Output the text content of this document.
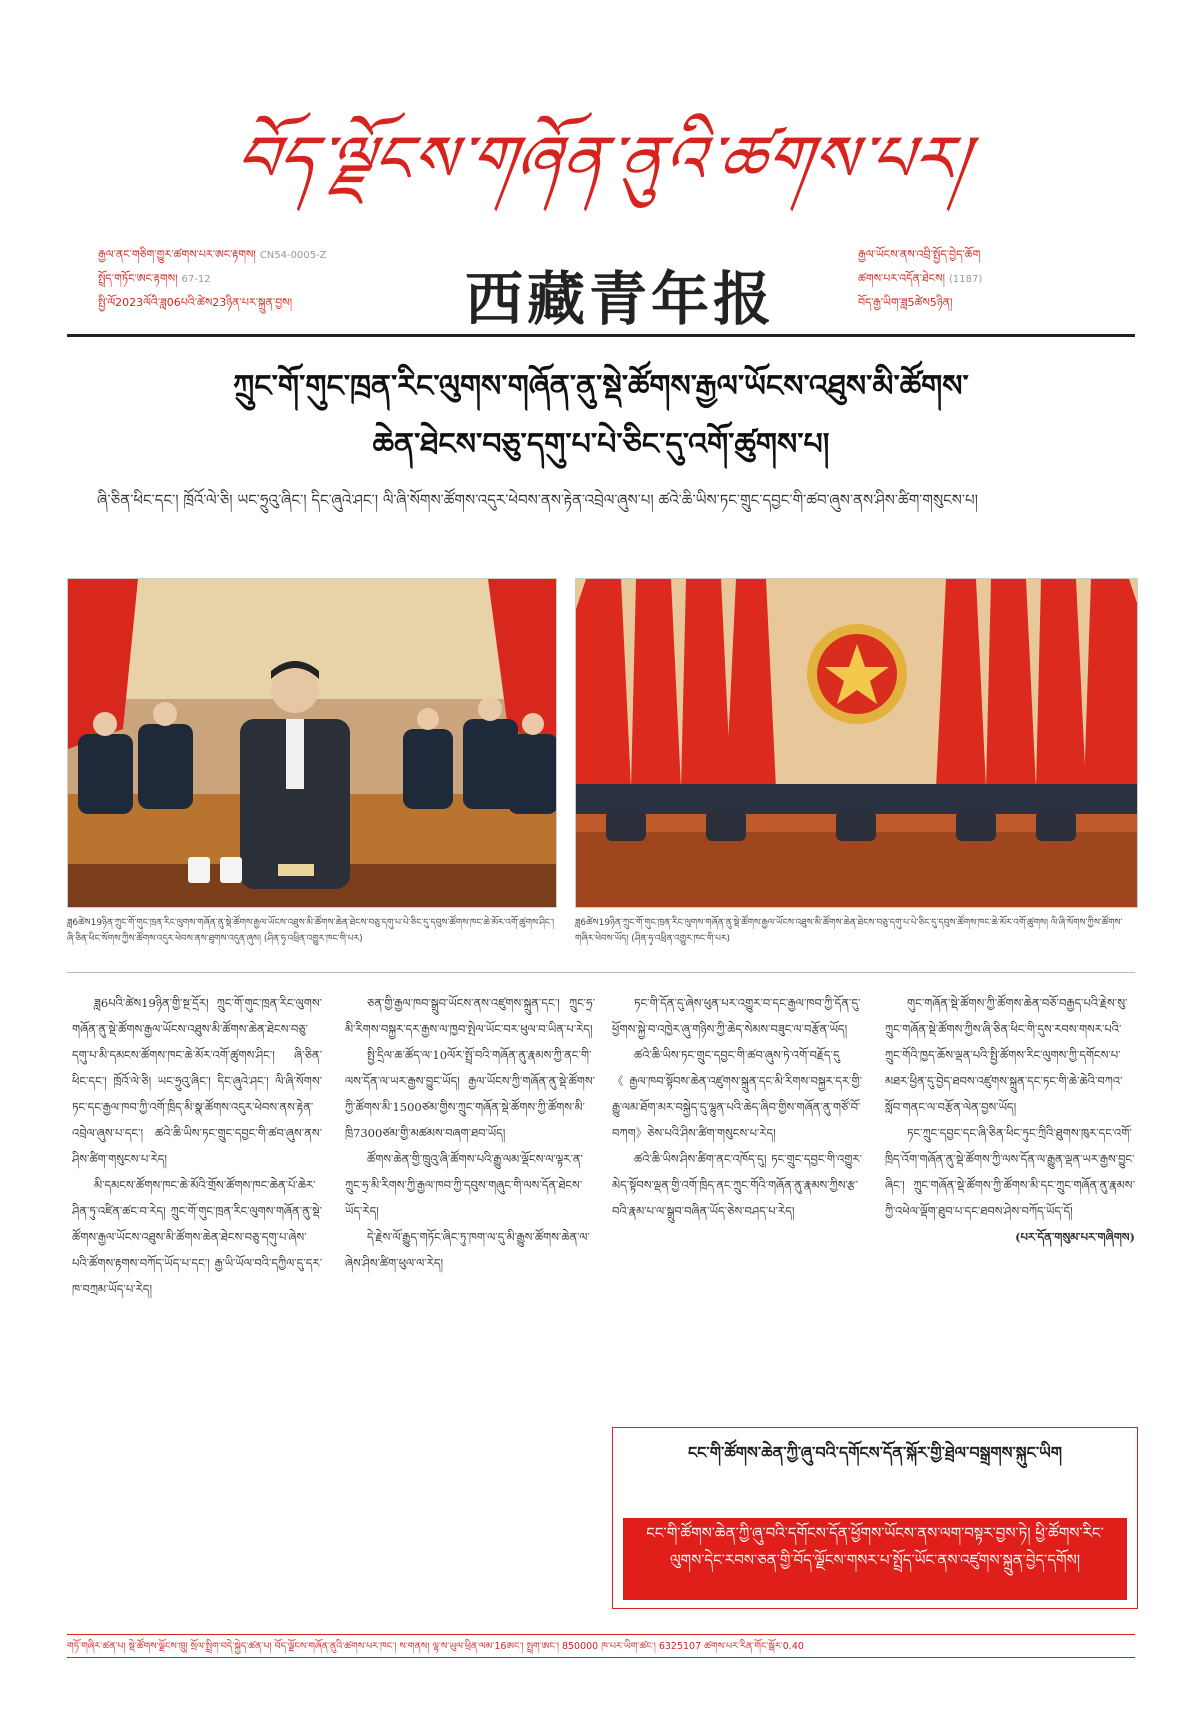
བོད་ལྗོངས་གཞོན་ནུའི་ཚགས་པར།
རྒྱལ་ནང་གཅིག་གྱུར་ཚགས་པར་ཨང་རྟགས། CN54-0005-Z
སྤྲོད་གཏོང་ཨང་རྟགས། 67-12
སྤྱི་ལོ2023ལོའི་ཟླ06པའི་ཚེས23ཉིན་པར་སྐྲུན་བྱས།	西藏青年报
རྒྱལ་ཡོངས་ནས་འབྲི་སྤྱོད་བྱེད་ཆོག
ཚགས་པར་འདོན་ཐེངས། (1187)
བོད་རྒྱ་ཡིག་ཟླ5ཚེས5ཉིན།
ཀྲུང་གོ་གུང་ཁྲན་རིང་ལུགས་གཞོན་ནུ་སྡེ་ཚོགས་རྒྱལ་ཡོངས་འཐུས་མི་ཚོགས་
ཆེན་ཐེངས་བཅུ་དགུ་པ་པེ་ཅིང་དུ་འགོ་ཚུགས་པ།
ཞི་ཅིན་ཕིང་དང་། ཁྲོའོ་ལེ་ཅི། ཡང་ཧྲུའུ་ཞིང་། དིང་ཞུའེ་ཤང་། ལི་ཞི་སོགས་ཚོགས་འདུར་ཕེབས་ནས་རྟེན་འབྲེལ་ཞུས་པ། ཚའེ་ཆི་ཡིས་ཏང་གྲུང་དབྱང་གི་ཚབ་ཞུས་ནས་ཤིས་ཚིག་གསུངས་པ།
ཟླ6ཚེས19ཉིན་ཀྲུང་གོ་གུང་ཁྲན་རིང་ལུགས་གཞོན་ནུ་སྡེ་ཚོགས་རྒྱལ་ཡོངས་འཐུས་མི་ཚོགས་ཆེན་ཐེངས་བཅུ་དགུ་པ་པེ་ཅིང་དུ་དབུས་ཚོགས་ཁང་ཆེ་མོར་འགོ་ཚུགས་ཤིང་། ཞི་ཅིན་ཕིང་སོགས་ཀྱིས་ཚོགས་འདུར་ཕེབས་ནས་ཐུགས་འདུན་ཞུས། (ཤིན་ཧྭ་འཕྲིན་འགྱུར་ཁང་གི་པར)
ཟླ6ཚེས19ཉིན་ཀྲུང་གོ་གུང་ཁྲན་རིང་ལུགས་གཞོན་ནུ་སྡེ་ཚོགས་རྒྱལ་ཡོངས་འཐུས་མི་ཚོགས་ཆེན་ཐེངས་བཅུ་དགུ་པ་པེ་ཅིང་དུ་དབུས་ཚོགས་ཁང་ཆེ་མོར་འགོ་ཚུགས། ལི་ཞི་སོགས་ཀྱིས་ཚོགས་གཞིར་ཕེབས་ཡོད། (ཤིན་ཧྭ་འཕྲིན་འགྱུར་ཁང་གི་པར)

ཟླ6པའི་ཚེས19ཉིན་གྱི་སྔ་དྲོར། ཀྲུང་གོ་གུང་ཁྲན་རིང་ལུགས་གཞོན་ནུ་སྡེ་ཚོགས་རྒྱལ་ཡོངས་འཐུས་མི་ཚོགས་ཆེན་ཐེངས་བཅུ་དགུ་པ་མི་དམངས་ཚོགས་ཁང་ཆེ་མོར་འགོ་ཚུགས་ཤིང་། ཞི་ཅིན་ཕིང་དང་། ཁྲོའོ་ལེ་ཅི། ཡང་ཧྲུའུ་ཞིང་། དིང་ཞུའེ་ཤང་། ལི་ཞི་སོགས་ཏང་དང་རྒྱལ་ཁབ་ཀྱི་འགོ་ཁྲིད་མི་སྣ་ཚོགས་འདུར་ཕེབས་ནས་རྟེན་འབྲེལ་ཞུས་པ་དང་། ཚའེ་ཆི་ཡིས་ཏང་གྲུང་དབྱང་གི་ཚབ་ཞུས་ནས་ཤིས་ཚིག་གསུངས་པ་རེད།

མི་དམངས་ཚོགས་ཁང་ཆེ་མོའི་གྲོས་ཚོགས་ཁང་ཆེན་པོ་ཆེར་ཤིན་ཏུ་འཛིན་ཚང་བ་རེད། ཀྲུང་གོ་གུང་ཁྲན་རིང་ལུགས་གཞོན་ནུ་སྡེ་ཚོགས་རྒྱལ་ཡོངས་འཐུས་མི་ཚོགས་ཆེན་ཐེངས་བཅུ་དགུ་པ་ཞེས་པའི་ཚོགས་རྟགས་བཀོད་ཡོད་པ་དང་། རྒྱ་ཡི་ཡོལ་བའི་དཀྱིལ་དུ་དར་ཁ་བཀྲམ་ཡོད་པ་རེད།

ཅན་གྱི་རྒྱལ་ཁབ་སྒྲུབ་ཡོངས་ནས་འཛུགས་སྐྲུན་དང་། ཀྲུང་ཧྲ་མི་རིགས་བསྐྱར་དར་རྒྱས་ལ་ཁྱབ་སྤེལ་ཡོང་བར་ཕུལ་བ་ཡིན་པ་རེད།

སྤྱི་དྲིལ་ཆ་ཚོད་ལ་10ལོར་སྤྲོ་བའི་གཞོན་ནུ་རྣམས་ཀྱི་ནང་གི་ལས་དོན་ལ་ཡར་རྒྱས་བྱུང་ཡོད། རྒྱལ་ཡོངས་ཀྱི་གཞོན་ནུ་སྡེ་ཚོགས་ཀྱི་ཚོགས་མི་1500ཙམ་གྱིས་ཀྲུང་གཞོན་སྡེ་ཚོགས་ཀྱི་ཚོགས་མི་ཁྲི7300ཙམ་གྱི་མཚམས་བཞག་ཐབ་ཡོད།

ཚོགས་ཆེན་གྱི་ཁྲུའུ་ཞི་ཚོགས་པའི་རྒྱུ་ལམ་ལྡོངས་ལ་ལྟར་ན་ཀྲུང་ཧྲ་མི་རིགས་ཀྱི་རྒྱལ་ཁབ་ཀྱི་དབུས་གཞུང་གི་ལས་དོན་ཐེངས་ཡོད་རེད།

དེ་རྗེས་ལོ་རྒྱུད་གཏོང་ཞིང་ཏུ་ཁག་ལ་དུ་མི་རྒྱུས་ཚོགས་ཆེན་ལ་ཞེས་ཤིས་ཚིག་ཕུལ་ལ་རེད།

ཏང་གི་དོན་དུ་ཞེས་ཕུན་པར་འགྱུར་བ་དང་རྒྱལ་ཁབ་ཀྱི་དོན་དུ་ཕྱོགས་སྐྱེ་བ་འཁྱེར་ཞུ་གཉིས་ཀྱི་ཆེད་སེམས་བཟུང་ལ་བརྩོན་ཡོད།

ཚའེ་ཆི་ཡིས་ཏང་གྲུང་དབྱང་གི་ཚབ་ཞུས་ཏེ་འགོ་བརྗོད་དུ《རྒྱལ་ཁབ་སྟོབས་ཆེན་འཛུགས་སྐྲུན་དང་མི་རིགས་བསྐྱར་དར་གྱི་རྒྱུ་ལམ་ཐོག་མར་བསྐྱེད་དུ་ལྷུན་པའི་ཆེད་ཞིབ་གྱིས་གཞོན་ནུ་གཙོ་བོ་བཀག》ཅེས་པའི་ཤིས་ཚིག་གསུངས་པ་རེད།

ཚའེ་ཆི་ཡིས་ཤིས་ཚིག་ནང་འཁོད་དུ། ཏང་གྲུང་དབྱང་གི་འགྱུར་མེད་སྟོབས་ལྡན་གྱི་འགོ་ཁྲིད་ནང་ཀྲུང་གོའི་གཞོན་ནུ་རྣམས་ཀྱིས་རྩ་བའི་རྣམ་པ་ལ་སྒྲུབ་བཞིན་ཡོད་ཅེས་བཤད་པ་རེད།

གུང་གཞོན་སྡེ་ཚོགས་ཀྱི་ཚོགས་ཆེན་བཅོ་བརྒྱད་པའི་རྗེས་སུ་ཀྲུང་གཞོན་སྡེ་ཚོགས་ཀྱིས་ཞི་ཅིན་ཕིང་གི་དུས་རབས་གསར་པའི་ཀྲུང་གོའི་ཁྱད་ཆོས་ལྡན་པའི་སྤྱི་ཚོགས་རིང་ལུགས་ཀྱི་དགོངས་པ་མཐར་ཕྱིན་དུ་བྱེད་ཐབས་འཛུགས་སྐྲུན་དང་ཏང་གི་ཆེ་ཆེའི་བཀའ་སློབ་གནང་ལ་བརྩོན་ལེན་བྱས་ཡོད།

ཏང་ཀྲུང་དབྱང་དང་ཞི་ཅིན་ཕིང་ཏུང་ཀྲིའི་ཐུགས་ཁུར་དང་འགོ་ཁྲིད་འོག་གཞོན་ནུ་སྡེ་ཚོགས་ཀྱི་ལས་དོན་ལ་རྒྱུན་ལྡན་ཡར་རྒྱས་བྱུང་ཞིང་། ཀྲུང་གཞོན་སྡེ་ཚོགས་ཀྱི་ཚོགས་མི་དང་ཀྲུང་གཞོན་ནུ་རྣམས་ཀྱི་འཕེལ་ལྡོག་ཐུབ་པ་དང་ཐབས་ཤེས་བཀོད་ཡོད་དོ།

(པར་དོན་གསུམ་པར་གཞིགས)

ངང་གི་ཚོགས་ཆེན་ཀྱི་ཞུ་བའི་དགོངས་དོན་སྐོར་གྱི་ཐྲེལ་བསྒྲགས་སྐུང་ཡིག
ངང་གི་ཚོགས་ཆེན་ཀྱི་ཞུ་བའི་དགོངས་དོན་ཕྱོགས་ཡོངས་ནས་ལག་བསྟར་བྱས་ཏེ། ཕྱི་ཚོགས་རིང་ལུགས་དེང་རབས་ཅན་གྱི་བོད་ལྗོངས་གསར་པ་སྤྲོད་ཡོང་ནས་འཛུགས་སྐྲུན་བྱེད་དགོས།
གཏོ་གཞིར་ཚན་པ། སྡེ་ཚོགས་ལྗོངས་ཁྲུ། སྲོལ་སྤྲིག་བདེ་སྐྱེད་ཚན་པ། བོད་ལྗོངས་གཞོན་ནུའི་ཚགས་པར་ཁང་། ས་གནས། ལྷ་ས་ཡུལ་ཕྲིན་ལམ་16ཨང་། སྤྲག་ཨང་། 850000 ཁ་པར་ཡིག་ཚང་། 6325107 ཚགས་པར་རིན་གོང་སྒོར་0.40
